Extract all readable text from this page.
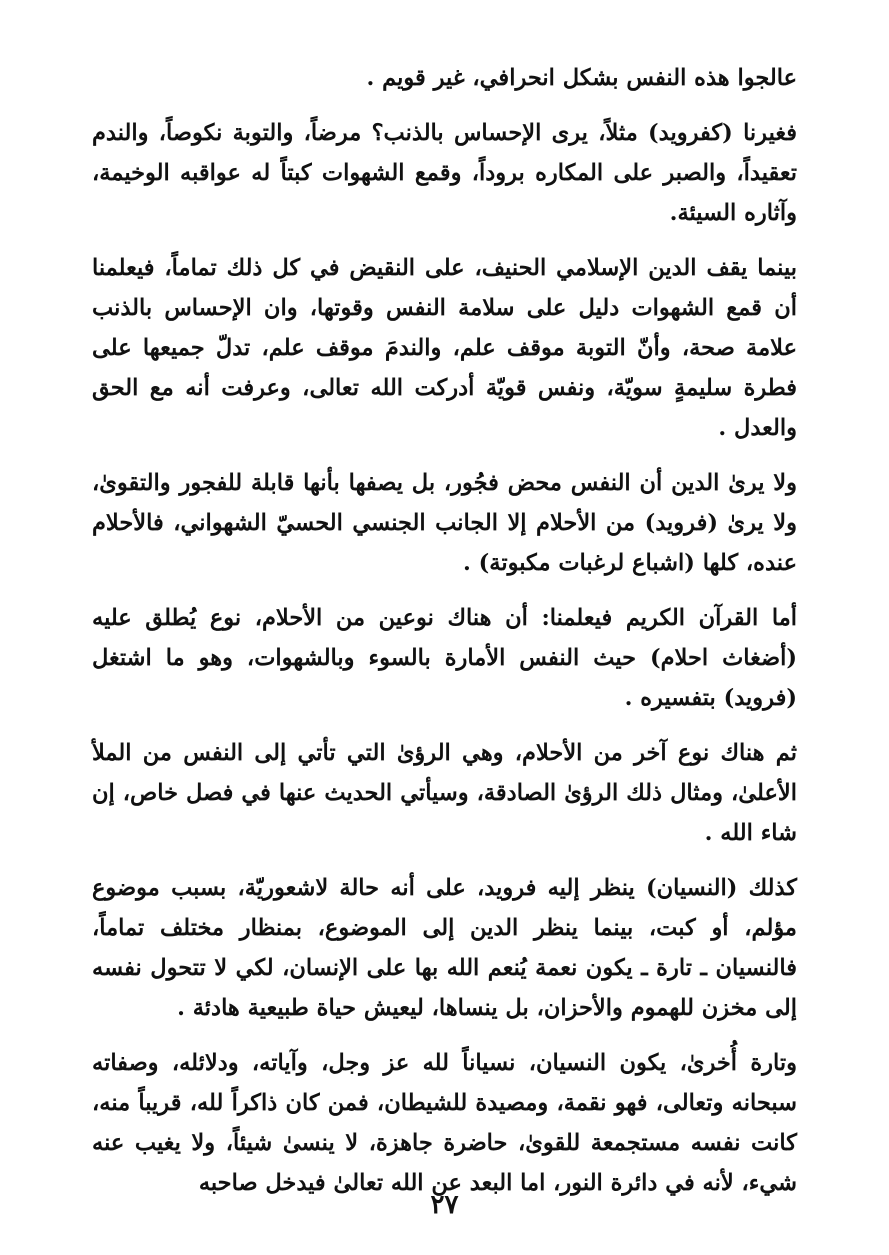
عالجوا هذه النفس بشكل انحرافي، غير قويم .

فغيرنا (كفرويد) مثلاً، يرى الإحساس بالذنب؟ مرضاً، والتوبة نكوصاً، والندم تعقيداً، والصبر على المكاره بروداً، وقمع الشهوات كبتاً له عواقبه الوخيمة، وآثاره السيئة.

بينما يقف الدين الإسلامي الحنيف، على النقيض في كل ذلك تماماً، فيعلمنا أن قمع الشهوات دليل على سلامة النفس وقوتها، وان الإحساس بالذنب علامة صحة، وأنّ التوبة موقف علم، والندمَ موقف علم، تدلّ جميعها على فطرة سليمةٍ سويّة، ونفس قويّة أدركت الله تعالى، وعرفت أنه مع الحق والعدل .

ولا يرىٰ الدين أن النفس محض فجُور، بل يصفها بأنها قابلة للفجور والتقوىٰ، ولا يرىٰ (فرويد) من الأحلام إلا الجانب الجنسي الحسيّ الشهواني، فالأحلام عنده، كلها (اشباع لرغبات مكبوتة) .

أما القرآن الكريم فيعلمنا: أن هناك نوعين من الأحلام، نوع يُطلق عليه (أضغاث احلام) حيث النفس الأمارة بالسوء وبالشهوات، وهو ما اشتغل (فرويد) بتفسيره .

ثم هناك نوع آخر من الأحلام، وهي الرؤىٰ التي تأتي إلى النفس من الملأ الأعلىٰ، ومثال ذلك الرؤىٰ الصادقة، وسيأتي الحديث عنها في فصل خاص، إن شاء الله .

كذلك (النسيان) ينظر إليه فرويد، على أنه حالة لاشعوريّة، بسبب موضوع مؤلم، أو كبت، بينما ينظر الدين إلى الموضوع، بمنظار مختلف تماماً، فالنسيان ـ تارة ـ يكون نعمة يُنعم الله بها على الإنسان، لكي لا تتحول نفسه إلى مخزن للهموم والأحزان، بل ينساها، ليعيش حياة طبيعية هادئة .

وتارة أُخرىٰ، يكون النسيان، نسياناً لله عز وجل، وآياته، ودلائله، وصفاته سبحانه وتعالى، فهو نقمة، ومصيدة للشيطان، فمن كان ذاكراً لله، قريباً منه، كانت نفسه مستجمعة للقوىٰ، حاضرة جاهزة، لا ينسىٰ شيئاً، ولا يغيب عنه شيء، لأنه في دائرة النور، اما البعد عن الله تعالىٰ فيدخل صاحبه

٢٧
